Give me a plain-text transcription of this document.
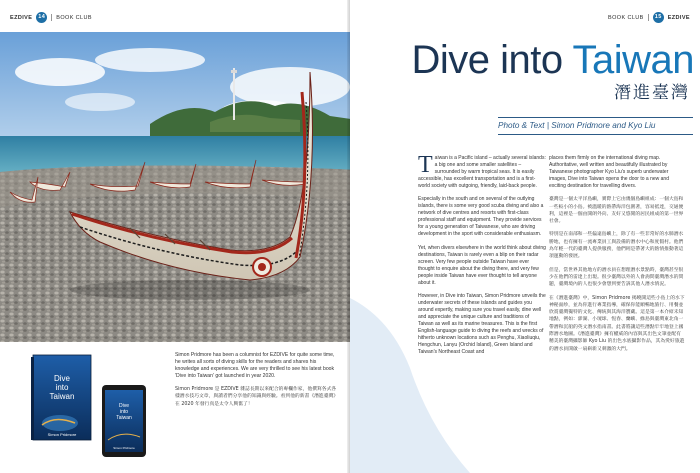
EZDIVE	14	BOOK CLUB
Dive
into
Taiwan
Simon Pridmore
Dive
into
Taiwan
Simon Pridmore

Simon Pridmore has been a columnist for EZDIVE for quite some time, he writes all sorts of diving skills for the readers and shares his knowledge and experiences. We are very thrilled to see his latest book 'Dive into Taiwan' got launched in year 2020.

Simon Pridmore 是 EZDIVE 雜誌長期以來配合的專欄作家，他撰寫各式各樣潛水技巧文章，與讀者們分享他的知識與經驗。看到他的新書《潛進臺灣》在 2020 年發行真是太令人興奮了！

BOOK CLUB	15	EZDIVE
Dive into Taiwan
潛進臺灣
Photo & Text | Simon Pridmore and Kyo Liu

Taiwan is a Pacific island – actually several islands: a big one and some smaller satellites – surrounded by warm tropical seas. It is easily accessible, has excellent transportation and is a first-world society with outgoing, friendly, laid-back people.

Especially in the south and on several of the outlying islands, there is some very good scuba diving and also a network of dive centres and resorts with first-class professional staff and equipment. They provide services for a young generation of Taiwanese, who are driving development in the sport with considerable enthusiasm.

Yet, when divers elsewhere in the world think about diving destinations, Taiwan is rarely even a blip on their radar screen. Very few people outside Taiwan have ever thought to enquire about the diving there, and very few people inside Taiwan have ever thought to tell anyone about it.

However, in Dive into Taiwan, Simon Pridmore unveils the underwater secrets of these islands and guides you around expertly, making sure you travel easily, dine well and appreciate the unique culture and traditions of Taiwan as well as its marine treasures. This is the first English-language guide to diving the reefs and wrecks of hitherto unknown locations such as Penghu, Xiaoliuqiu, Hengchun, Lanyu (Orchid Island), Green Island and Taiwan's Northeast Coast and

places them firmly on the international diving map. Authoritative, well written and beautifully illustrated by Taiwanese photographer Kyo Liu's superb underwater images, Dive into Taiwan opens the door to a new and exciting destination for travelling divers.

臺灣是一個太平洋島嶼，實際上它由幾個島嶼組成：一個大島和一些較小的小島。被溫暖的熱帶海洋包圍著，容易抵達，交通便利，這裡是一個由開朗外向、友好又悠閒的居民組成的第一世界社會。

特別是在南部和一些偏遠島嶼上，除了有一些非常好的水肺潛水勝地，也有擁有一流專業員工與設備的潛水中心和度假村。他們為年輕一代的臺灣人提供服務，他們則是帶著大的熱情推動著這項運動的發展。

但是，當世界其他地方的潛水員在想理潛水景點時，臺灣甚至很少在他們的雷達上出現。很少臺灣以外的人會詢問臺灣潛水的問題，臺灣境內的人也很少會想到要告訴其他人潛水情況。

在《潛進臺灣》中，Simon Pridmore 揭曉開這些小島上的水下神秘面紗，並為你進行專業指導，確保你能順暢地旅行、用餐並欣賞臺灣獨特的文化、傳統與其海洋寶藏。這是第一本介紹未知地點，例如：澎湖、小琉球、恆春、蘭嶼、綠島與臺灣東北角一帶潛和沉船的英文潛水指南書。此書將讓這些潛點牢牢地登上國際潛水地圖。《潛進臺灣》擁有權威的內容與其出色文筆並配有精美的臺灣攝影師 Kyo Liu 的出色水底攝影作品，其為愛好旅遊的潛水員開啟一扇嶄新又刺激的大門。
